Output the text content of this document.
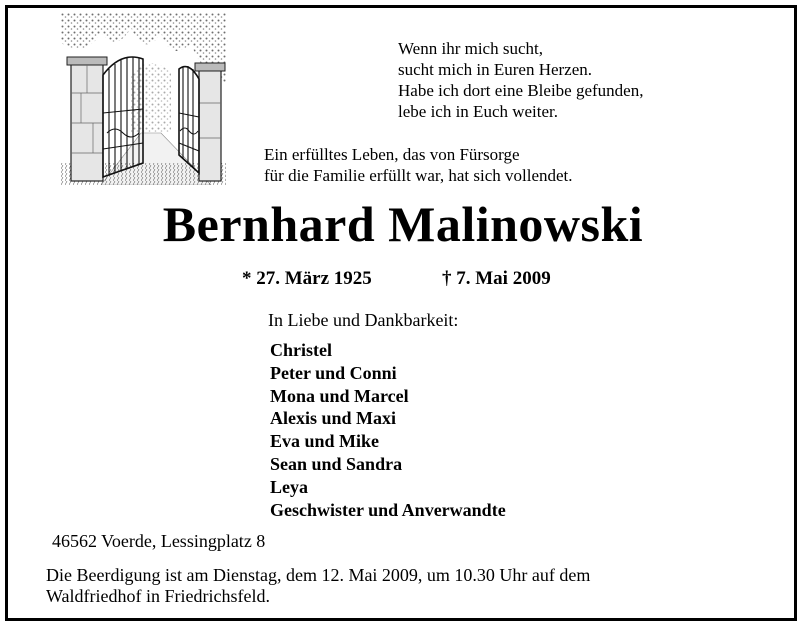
Wenn ihr mich sucht,
sucht mich in Euren Herzen.
Habe ich dort eine Bleibe gefunden,
lebe ich in Euch weiter.
Ein erfülltes Leben, das von Fürsorge
für die Familie erfüllt war, hat sich vollendet.
Bernhard Malinowski
* 27. März 1925	† 7. Mai 2009
In Liebe und Dankbarkeit:
Christel
Peter und Conni
Mona und Marcel
Alexis und Maxi
Eva und Mike
Sean und Sandra
Leya
Geschwister und Anverwandte
46562 Voerde, Lessingplatz 8
Die Beerdigung ist am Dienstag, dem 12. Mai 2009, um 10.30 Uhr auf dem
Waldfriedhof in Friedrichsfeld.
